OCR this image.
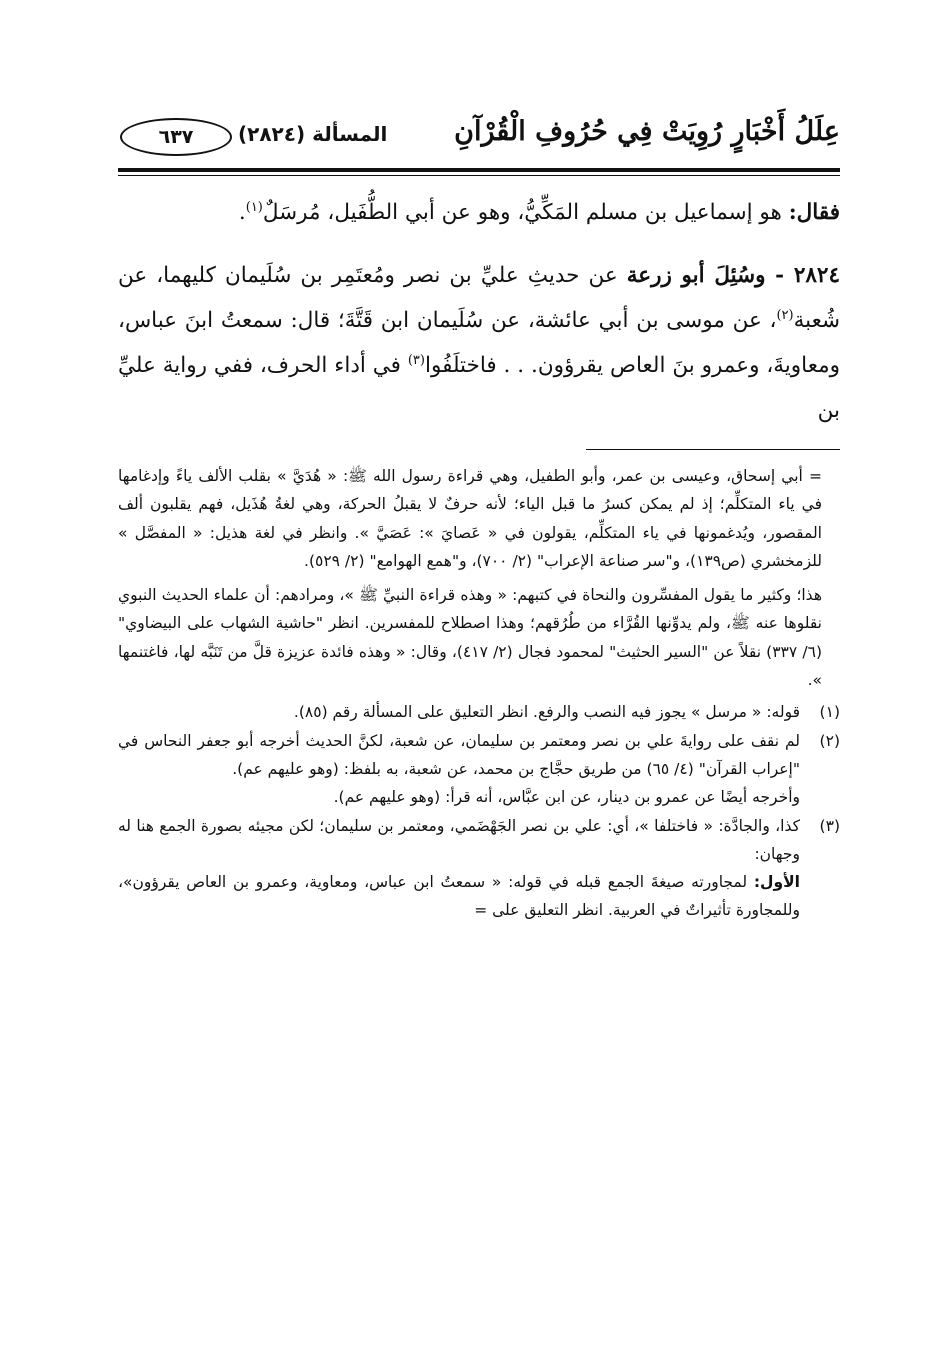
عِلَلُ أَخْبَارٍ رُوِيَتْ فِي حُرُوفِ الْقُرْآنِ
المسألة (٢٨٢٤)
٦٣٧

فقال: هو إسماعيل بن مسلم المَكِّيُّ، وهو عن أبي الطُّفَيل، مُرسَلٌ$^{(١)}$.

٢٨٢٤ - وسُئِلَ أبو زرعة عن حديثِ عليِّ بن نصر ومُعتَمِر بن سُلَيمان كليهما، عن شُعبة$^{(٢)}$، عن موسى بن أبي عائشة، عن سُلَيمان ابن قَتَّةَ؛ قال: سمعتُ ابنَ عباس، ومعاويةَ، وعمرو بنَ العاص يقرؤون. . . فاختلَفُوا$^{(٣)}$ في أداء الحرف، ففي رواية عليِّ بن

= أبي إسحاق، وعيسى بن عمر، وأبو الطفيل، وهي قراءة رسول الله ﷺ: « هُدَيَّ » بقلب الألف ياءً وإدغامها في ياء المتكلِّم؛ إذ لم يمكن كسرُ ما قبل الياء؛ لأنه حرفٌ لا يقبلُ الحركة، وهي لغةُ هُذَيل، فهم يقلبون ألف المقصور، ويُدغمونها في ياء المتكلِّم، يقولون في « عَصايَ »: عَصَيَّ ». وانظر في لغة هذيل: « المفصَّل » للزمخشري (ص١٣٩)، و"سر صناعة الإعراب" (٢/ ٧٠٠)، و"همع الهوامع" (٢/ ٥٢٩).

هذا؛ وكثير ما يقول المفسِّرون والنحاة في كتبهم: « وهذه قراءة النبيِّ ﷺ »، ومرادهم: أن علماء الحديث النبوي نقلوها عنه ﷺ، ولم يدوِّنها القُرَّاء من طُرُقهم؛ وهذا اصطلاح للمفسرين. انظر "حاشية الشهاب على البيضاوي" (٦/ ٣٣٧) نقلاً عن "السير الحثيث" لمحمود فجال (٢/ ٤١٧)، وقال: « وهذه فائدة عزيزة قلَّ من تَنَبَّه لها، فاغتنمها ».

(١)

قوله: « مرسل » يجوز فيه النصب والرفع. انظر التعليق على المسألة رقم (٨٥).

(٢)

لم نقف على روايةَ علي بن نصر ومعتمر بن سليمان، عن شعبة، لكنَّ الحديث أخرجه أبو جعفر النحاس في "إعراب القرآن" (٤/ ٦٥) من طريق حجَّاج بن محمد، عن شعبة، به بلفظ: (وهو عليهم عم).

وأخرجه أيضًا عن عمرو بن دينار، عن ابن عبَّاس، أنه قرأ: (وهو عليهم عم).

(٣)

كذا، والجادَّة: « فاختلفا »، أي: علي بن نصر الجَهْضَمي، ومعتمر بن سليمان؛ لكن مجيئه بصورة الجمع هنا له وجهان:

الأول: لمجاورته صيغةَ الجمع قبله في قوله: « سمعتُ ابن عباس، ومعاوية، وعمرو بن العاص يقرؤون»، وللمجاورة تأثيراتٌ في العربية. انظر التعليق على =
